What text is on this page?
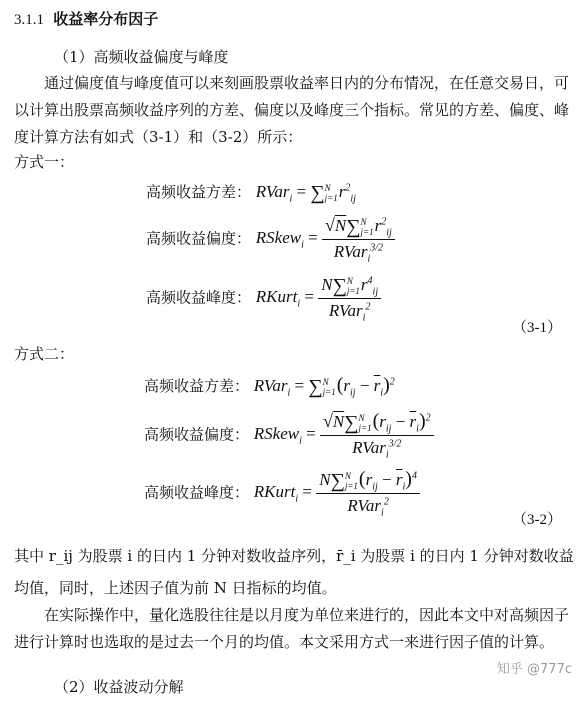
3.1.1 收益率分布因子
（1）高频收益偏度与峰度
通过偏度值与峰度值可以来刻画股票收益率日内的分布情况，在任意交易日，可以计算出股票高频收益序列的方差、偏度以及峰度三个指标。常见的方差、偏度、峰度计算方法有如式（3-1）和（3-2）所示：
方式一：
高频收益方差： RVar$_i$ = ∑ N
j=1 $r^2_{ij}$
高频收益偏度： RSkew$_i$ = √N∑ N
j=1 $r^2_{ij}$
RVar$_i^{3/2}$
高频收益峰度： RKurt$_i$ = N∑ N
j=1 $r^4_{ij}$
RVar$_i^2$
（3-1）
方式二：
高频收益方差： RVar$_i$ = ∑ N
j=1 $(r_{ij} - \overline{r}_i)^2$
高频收益偏度： RSkew$_i$ = √N∑ N
j=1 $(r_{ij} - \overline{r}_i)^2$
RVar$_i^{3/2}$
高频收益峰度： RKurt$_i$ = N∑ N
j=1 $(r_{ij} - \overline{r}_i)^4$
RVar$_i^2$
（3-2）
其中 r_ij 为股票 i 的日内 1 分钟对数收益序列，r̄_i 为股票 i 的日内 1 分钟对数收益均值，同时，上述因子值为前 N 日指标的均值。
在实际操作中，量化选股往往是以月度为单位来进行的，因此本文中对高频因子进行计算时也选取的是过去一个月的均值。本文采用方式一来进行因子值的计算。
（2）收益波动分解
知乎 @777c
